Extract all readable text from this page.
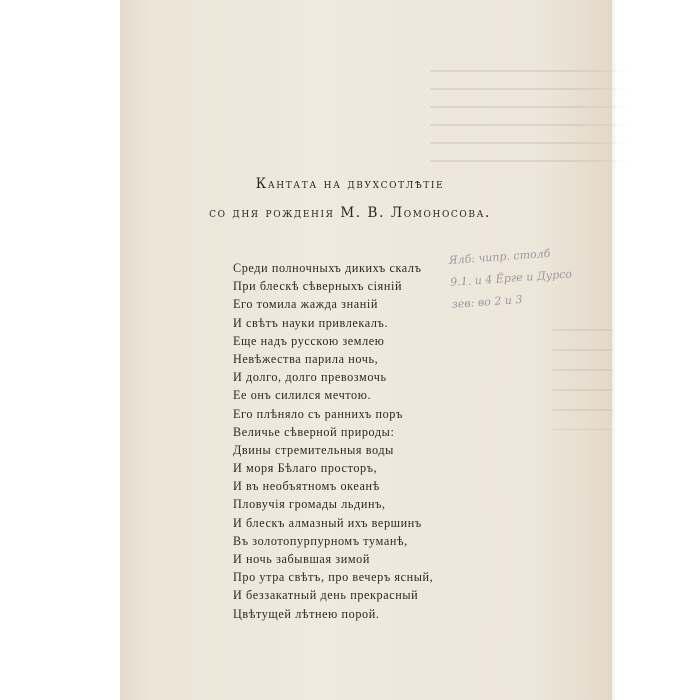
Кантата на двухсотлѣтіе
со дня рожденія М. В. Ломоносова.
Среди полночныхъ дикихъ скалъ
При блескѣ сѣверныхъ сіяній
Его томила жажда знаній
И свѣтъ науки привлекалъ.
Еще надъ русскою землею
Невѣжества парила ночь,
И долго, долго превозмочь
Ее онъ силился мечтою.
Его плѣняло съ раннихъ поръ
Величье сѣверной природы:
Двины стремительныя воды
И моря Бѣлаго просторъ,
И въ необъятномъ океанѣ
Пловучія громады льдинъ,
И блескъ алмазный ихъ вершинъ
Въ золотопурпурномъ туманѣ,
И ночь забывшая зимой
Про утра свѣтъ, про вечеръ ясный,
И беззакатный день прекрасный
Цвѣтущей лѣтнею порой.
Ялб: чипр. столб
9.1. и 4 Ёрге и Дурсо
зев: во 2 и 3
